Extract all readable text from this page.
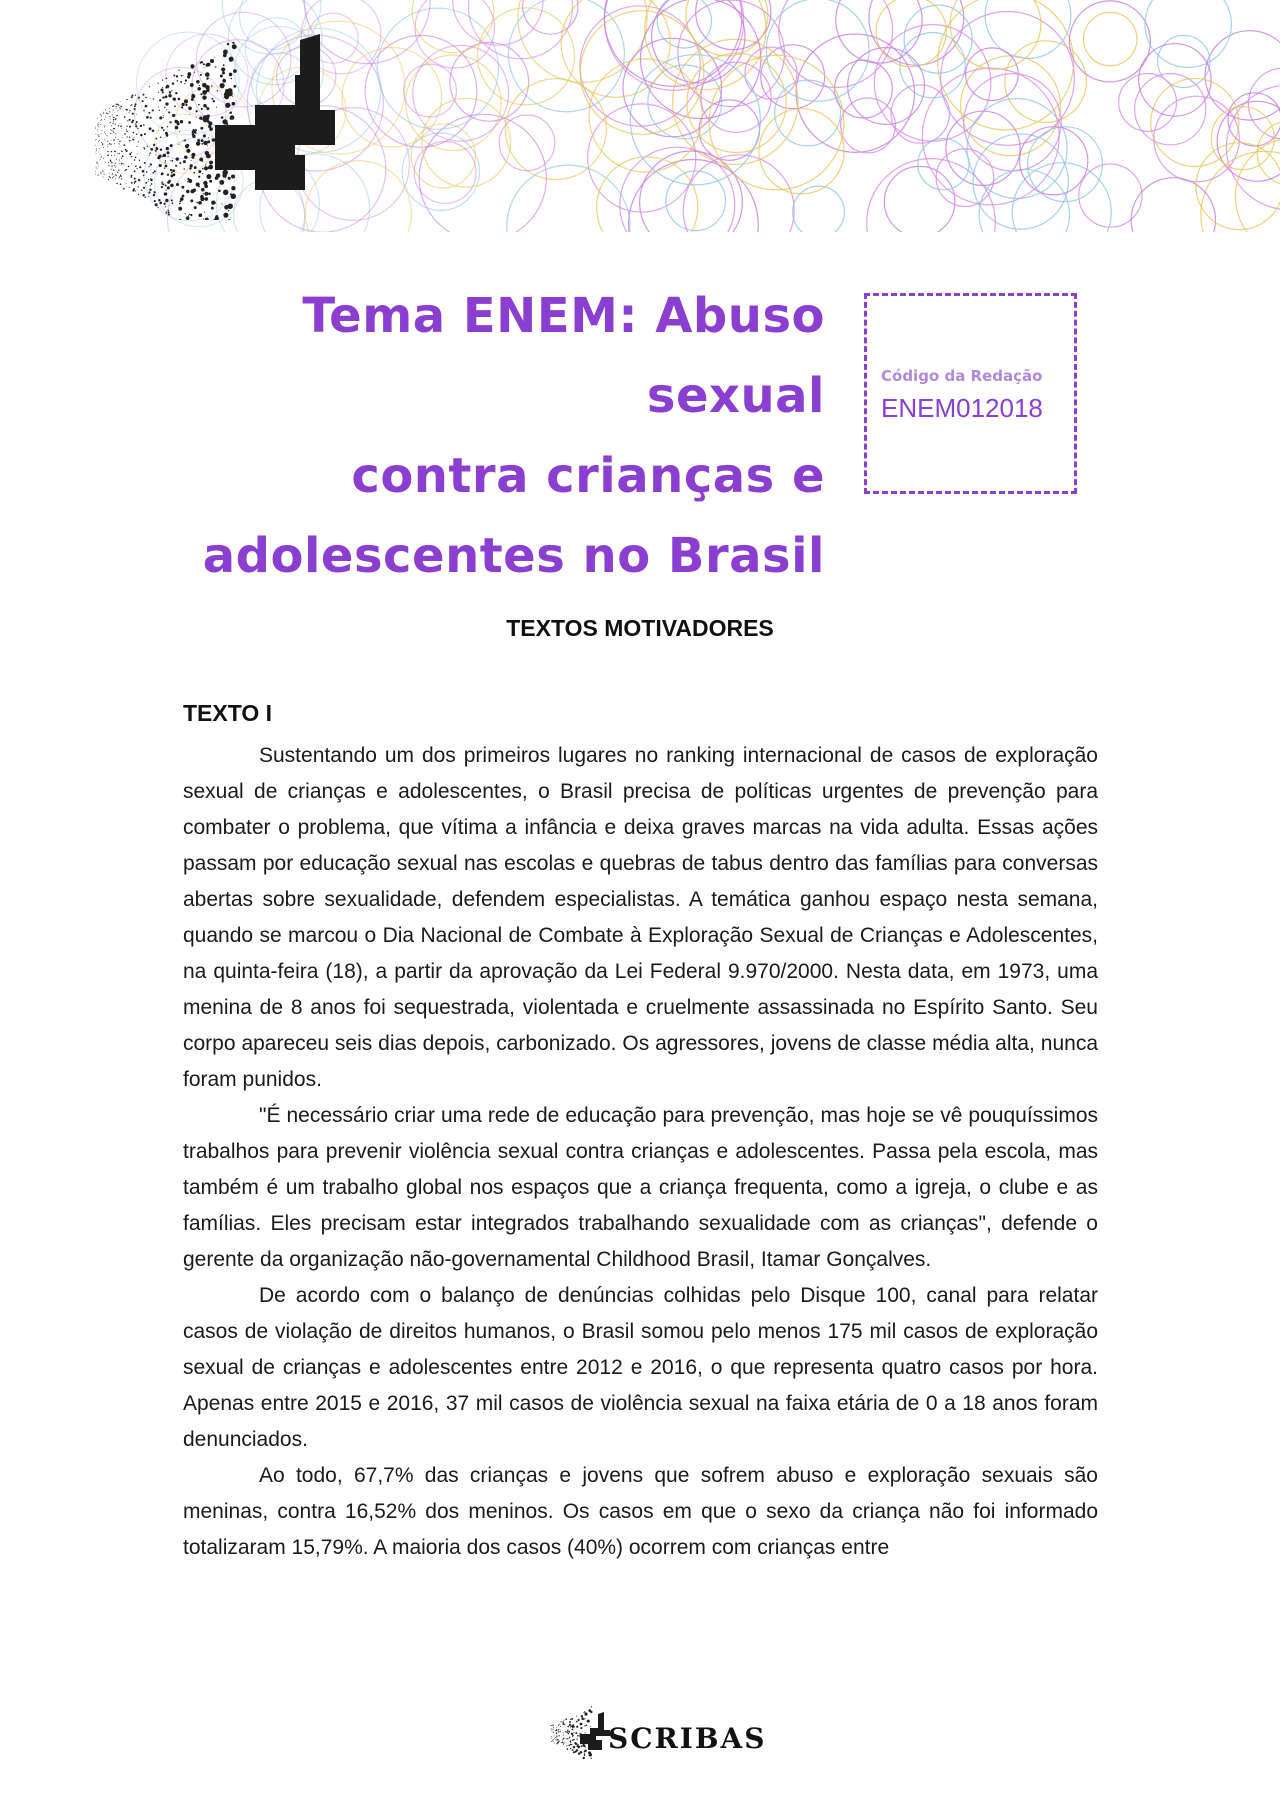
Tema ENEM: Abuso sexual
contra crianças e
adolescentes no Brasil
Código da Redação
ENEM012018
TEXTOS MOTIVADORES
TEXTO I

Sustentando um dos primeiros lugares no ranking internacional de casos de exploração sexual de crianças e adolescentes, o Brasil precisa de políticas urgentes de prevenção para combater o problema, que vítima a infância e deixa graves marcas na vida adulta. Essas ações passam por educação sexual nas escolas e quebras de tabus dentro das famílias para conversas abertas sobre sexualidade, defendem especialistas. A temática ganhou espaço nesta semana, quando se marcou o Dia Nacional de Combate à Exploração Sexual de Crianças e Adolescentes, na quinta-feira (18), a partir da aprovação da Lei Federal 9.970/2000. Nesta data, em 1973, uma menina de 8 anos foi sequestrada, violentada e cruelmente assassinada no Espírito Santo. Seu corpo apareceu seis dias depois, carbonizado. Os agressores, jovens de classe média alta, nunca foram punidos.

"É necessário criar uma rede de educação para prevenção, mas hoje se vê pouquíssimos trabalhos para prevenir violência sexual contra crianças e adolescentes. Passa pela escola, mas também é um trabalho global nos espaços que a criança frequenta, como a igreja, o clube e as famílias. Eles precisam estar integrados trabalhando sexualidade com as crianças", defende o gerente da organização não-governamental Childhood Brasil, Itamar Gonçalves.

De acordo com o balanço de denúncias colhidas pelo Disque 100, canal para relatar casos de violação de direitos humanos, o Brasil somou pelo menos 175 mil casos de exploração sexual de crianças e adolescentes entre 2012 e 2016, o que representa quatro casos por hora. Apenas entre 2015 e 2016, 37 mil casos de violência sexual na faixa etária de 0 a 18 anos foram denunciados.

Ao todo, 67,7% das crianças e jovens que sofrem abuso e exploração sexuais são meninas, contra 16,52% dos meninos. Os casos em que o sexo da criança não foi informado totalizaram 15,79%. A maioria dos casos (40%) ocorrem com crianças entre

SCRIBAS
